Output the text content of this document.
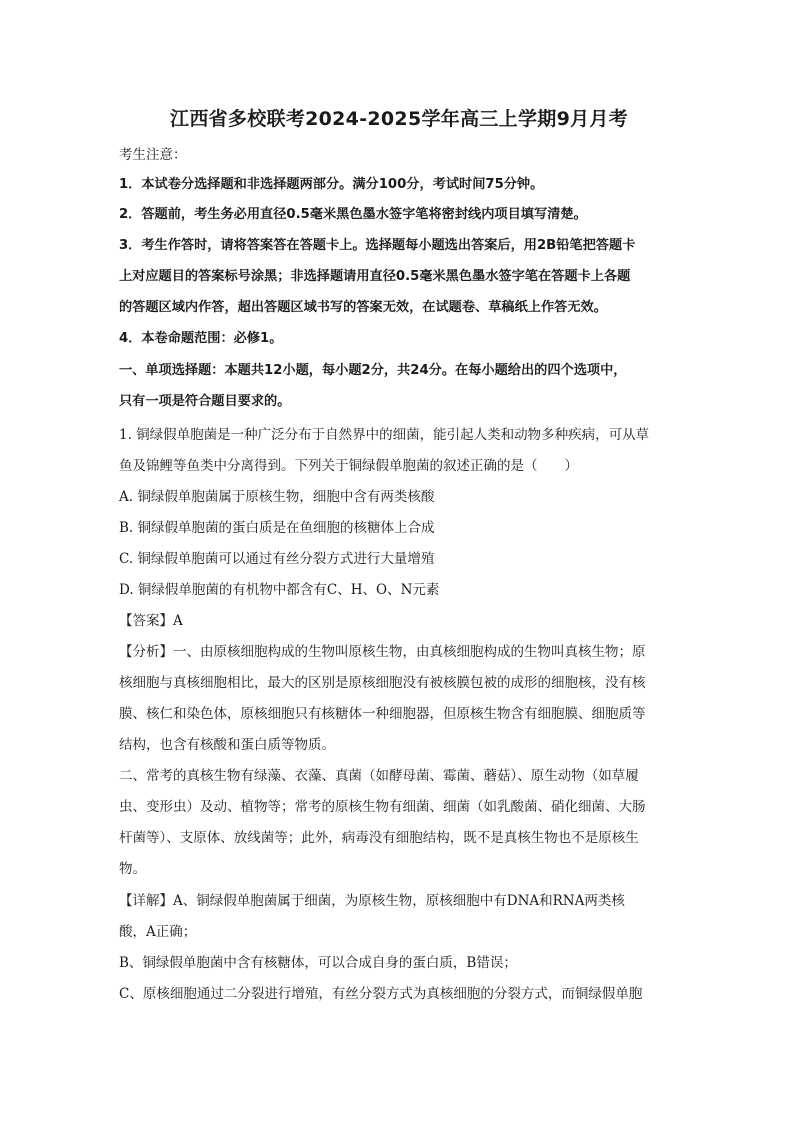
江西省多校联考2024-2025学年高三上学期9月月考
考生注意：
1．本试卷分选择题和非选择题两部分。满分100分，考试时间75分钟。
2．答题前，考生务必用直径0.5毫米黑色墨水签字笔将密封线内项目填写清楚。
3．考生作答时，请将答案答在答题卡上。选择题每小题选出答案后，用2B铅笔把答题卡
上对应题目的答案标号涂黑；非选择题请用直径0.5毫米黑色墨水签字笔在答题卡上各题
的答题区域内作答，超出答题区域书写的答案无效，在试题卷、草稿纸上作答无效。
4．本卷命题范围：必修1。
一、单项选择题：本题共12小题，每小题2分，共24分。在每小题给出的四个选项中，
只有一项是符合题目要求的。
1. 铜绿假单胞菌是一种广泛分布于自然界中的细菌，能引起人类和动物多种疾病，可从草
鱼及锦鲤等鱼类中分离得到。下列关于铜绿假单胞菌的叙述正确的是（　　）
A. 铜绿假单胞菌属于原核生物，细胞中含有两类核酸
B. 铜绿假单胞菌的蛋白质是在鱼细胞的核糖体上合成
C. 铜绿假单胞菌可以通过有丝分裂方式进行大量增殖
D. 铜绿假单胞菌的有机物中都含有C、H、O、N元素
【答案】A
【分析】一、由原核细胞构成的生物叫原核生物，由真核细胞构成的生物叫真核生物；原
核细胞与真核细胞相比，最大的区别是原核细胞没有被核膜包被的成形的细胞核，没有核
膜、核仁和染色体，原核细胞只有核糖体一种细胞器，但原核生物含有细胞膜、细胞质等
结构，也含有核酸和蛋白质等物质。
二、常考的真核生物有绿藻、衣藻、真菌（如酵母菌、霉菌、蘑菇）、原生动物（如草履
虫、变形虫）及动、植物等；常考的原核生物有细菌、细菌（如乳酸菌、硝化细菌、大肠
杆菌等）、支原体、放线菌等；此外，病毒没有细胞结构，既不是真核生物也不是原核生
物。
【详解】A、铜绿假单胞菌属于细菌，为原核生物，原核细胞中有DNA和RNA两类核
酸，A正确；
B、铜绿假单胞菌中含有核糖体，可以合成自身的蛋白质，B错误；
C、原核细胞通过二分裂进行增殖，有丝分裂方式为真核细胞的分裂方式，而铜绿假单胞
